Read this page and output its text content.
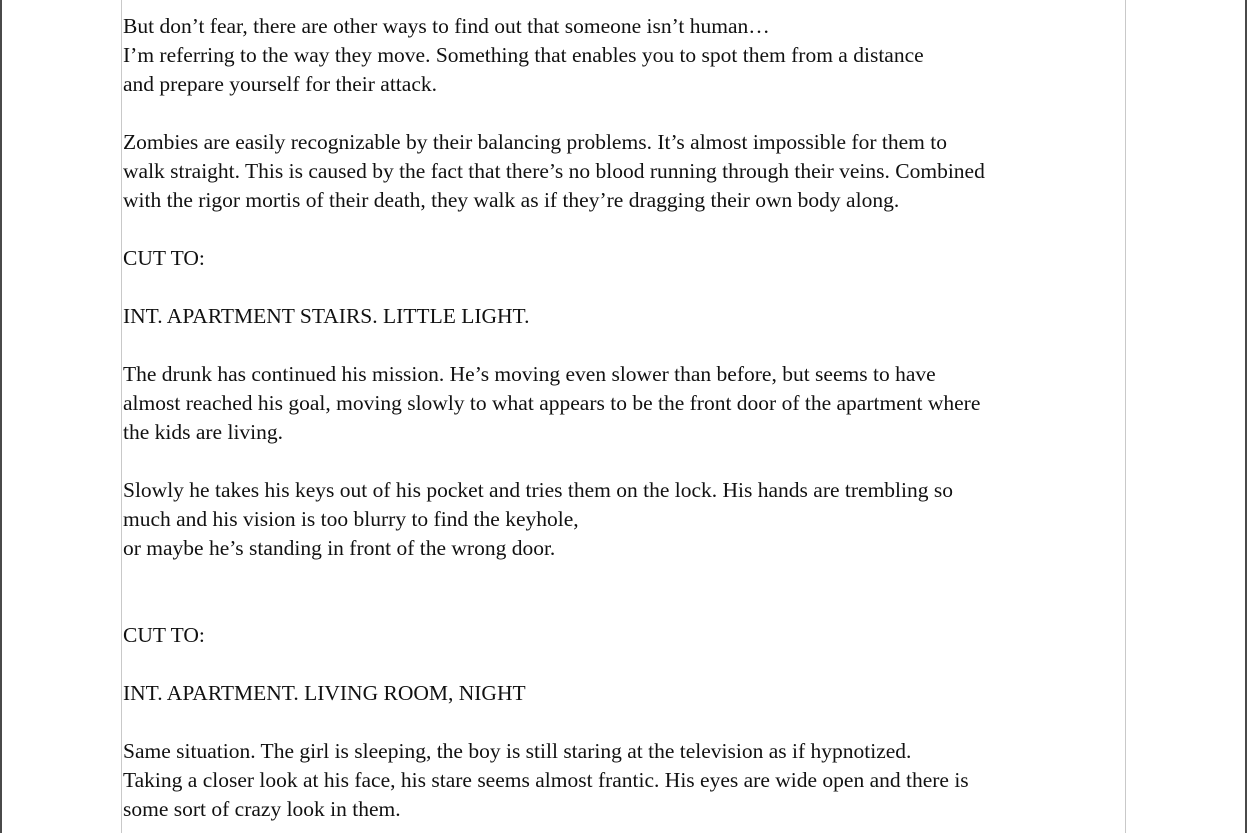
But don’t fear, there are other ways to find out that someone isn’t human…
I’m referring to the way they move. Something that enables you to spot them from a distance
and prepare yourself for their attack.
Zombies are easily recognizable by their balancing problems. It’s almost impossible for them to
walk straight. This is caused by the fact that there’s no blood running through their veins. Combined
with the rigor mortis of their death, they walk as if they’re dragging their own body along.
CUT TO:
INT. APARTMENT STAIRS. LITTLE LIGHT.
The drunk has continued his mission. He’s moving even slower than before, but seems to have
almost reached his goal, moving slowly to what appears to be the front door of the apartment where
the kids are living.
Slowly he takes his keys out of his pocket and tries them on the lock. His hands are trembling so
much and his vision is too blurry to find the keyhole,
or maybe he’s standing in front of the wrong door.
CUT TO:
INT. APARTMENT. LIVING ROOM, NIGHT
Same situation. The girl is sleeping, the boy is still staring at the television as if hypnotized.
Taking a closer look at his face, his stare seems almost frantic. His eyes are wide open and there is
some sort of crazy look in them.
